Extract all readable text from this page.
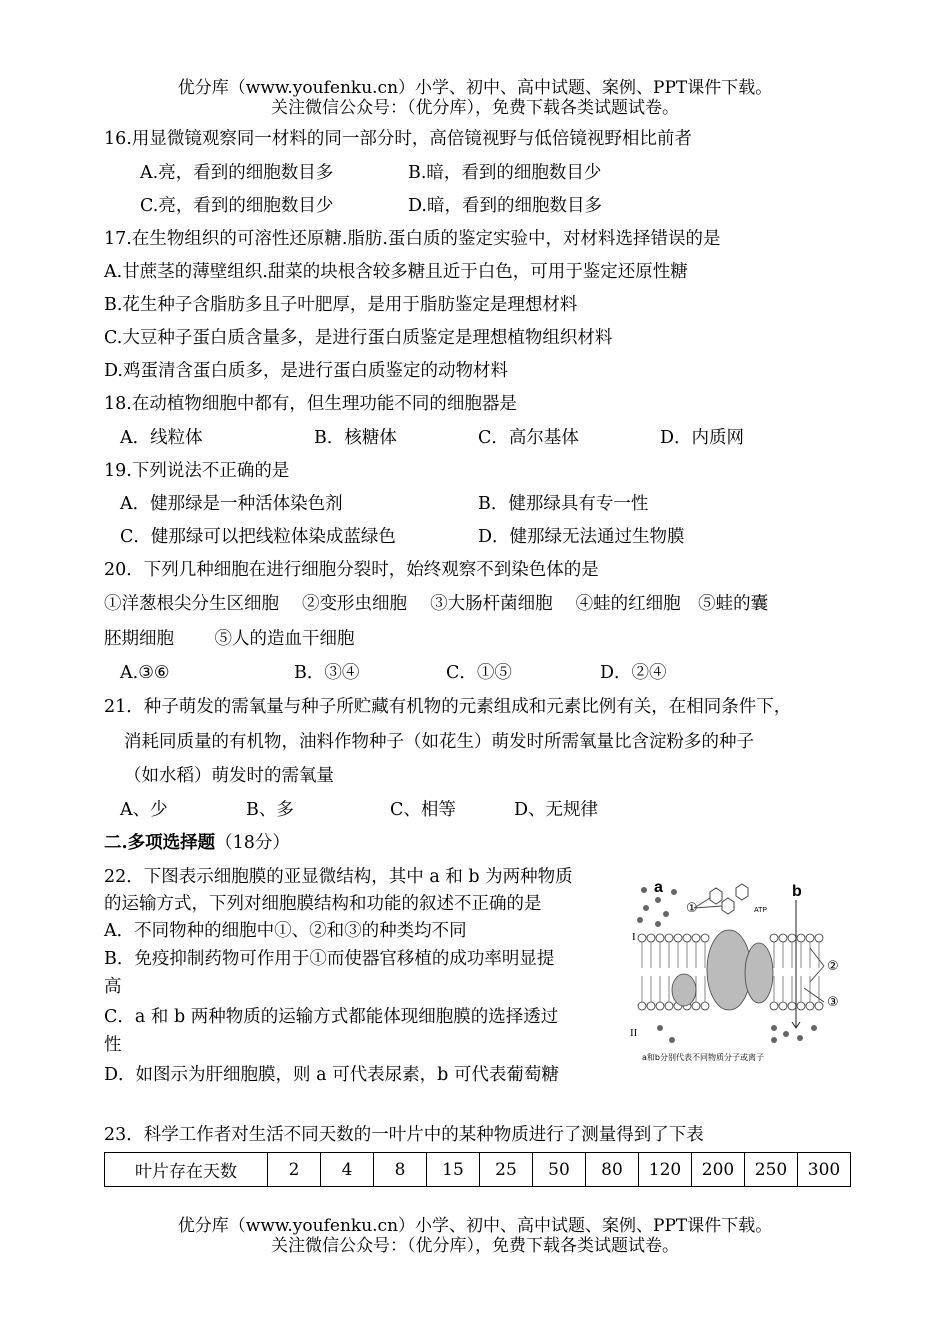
优分库（www.youfenku.cn）小学、初中、高中试题、案例、PPT课件下载。
关注微信公众号：（优分库），免费下载各类试题试卷。
16.用显微镜观察同一材料的同一部分时，高倍镜视野与低倍镜视野相比前者
A.亮，看到的细胞数目多	B.暗，看到的细胞数目少
C.亮，看到的细胞数目少	D.暗，看到的细胞数目多
17.在生物组织的可溶性还原糖.脂肪.蛋白质的鉴定实验中，对材料选择错误的是
A.甘蔗茎的薄壁组织.甜菜的块根含较多糖且近于白色，可用于鉴定还原性糖
B.花生种子含脂肪多且子叶肥厚，是用于脂肪鉴定是理想材料
C.大豆种子蛋白质含量多，是进行蛋白质鉴定是理想植物组织材料
D.鸡蛋清含蛋白质多，是进行蛋白质鉴定的动物材料
18.在动植物细胞中都有，但生理功能不同的细胞器是
A．线粒体	B．核糖体	C．高尔基体	D．内质网
19.下列说法不正确的是
A．健那绿是一种活体染色剂	B．健那绿具有专一性
C．健那绿可以把线粒体染成蓝绿色	D．健那绿无法通过生物膜
20．下列几种细胞在进行细胞分裂时，始终观察不到染色体的是
①洋葱根尖分生区细胞　 ②变形虫细胞　 ③大肠杆菌细胞　 ④蛙的红细胞　⑤蛙的囊
胚期细胞　　 ⑤人的造血干细胞
A.③⑥	B．③④	C．①⑤	D．②④
21．种子萌发的需氧量与种子所贮藏有机物的元素组成和元素比例有关，在相同条件下，
消耗同质量的有机物，油料作物种子（如花生）萌发时所需氧量比含淀粉多的种子
（如水稻）萌发时的需氧量
A、少	B、多	C、相等	D、无规律
二.多项选择题（18分）
22．下图表示细胞膜的亚显微结构，其中 a 和 b 为两种物质
的运输方式，下列对细胞膜结构和功能的叙述不正确的是
A．不同物种的细胞中①、②和③的种类均不同
B．免疫抑制药物可作用于①而使器官移植的成功率明显提
高
C．a 和 b 两种物质的运输方式都能体现细胞膜的选择透过
性
D．如图示为肝细胞膜，则 a 可代表尿素，b 可代表葡萄糖
a	b
①
②
③
I
II
ATP
a和b分别代表不同物质分子或离子
23．科学工作者对生活不同天数的一叶片中的某种物质进行了测量得到了下表
叶片存在天数	2	4	8	15	25	50	80	120	200	250	300
优分库（www.youfenku.cn）小学、初中、高中试题、案例、PPT课件下载。
关注微信公众号：（优分库），免费下载各类试题试卷。
